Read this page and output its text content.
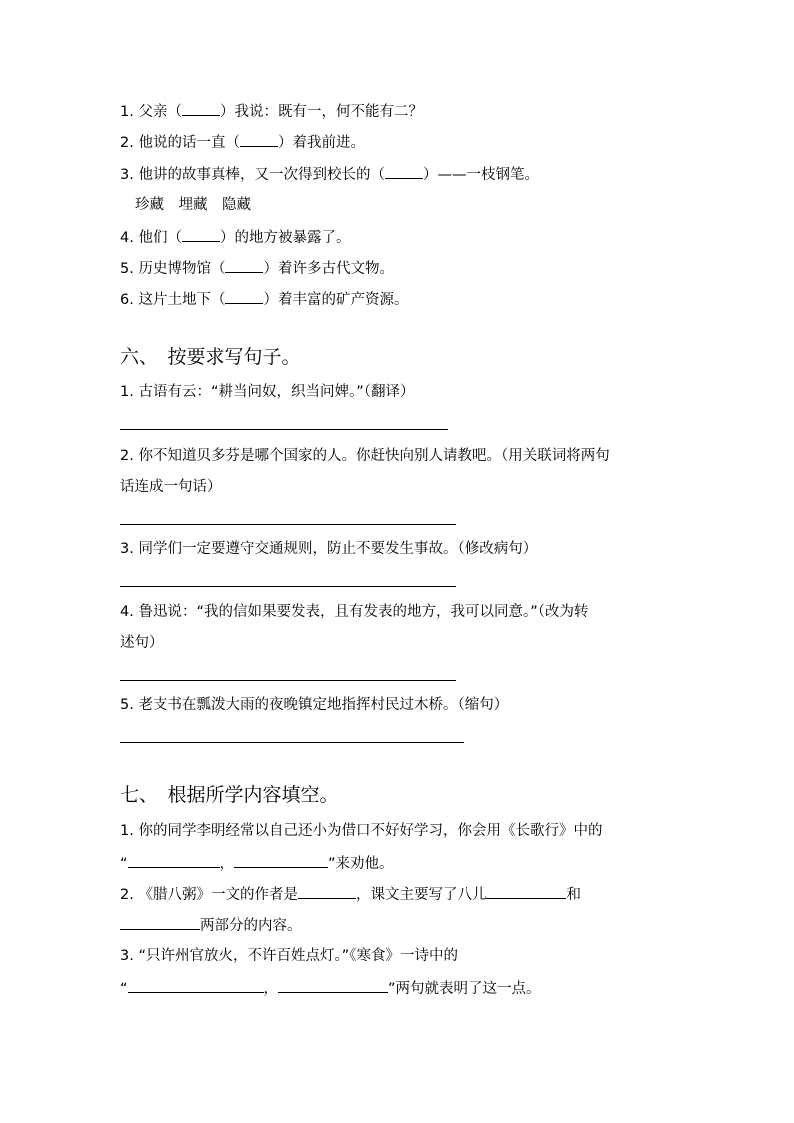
1. 父亲（	）我说：既有一，何不能有二？
2. 他说的话一直（	）着我前进。
3. 他讲的故事真棒，又一次得到校长的（	）——一枝钢笔。
珍藏　埋藏　隐藏
4. 他们（	）的地方被暴露了。
5. 历史博物馆（	）着许多古代文物。
6. 这片土地下（	）着丰富的矿产资源。
六、　按要求写句子。
1. 古语有云：“耕当问奴，织当问婢。”（翻译）
2. 你不知道贝多芬是哪个国家的人。你赶快向别人请教吧。（用关联词将两句
话连成一句话）
3. 同学们一定要遵守交通规则，防止不要发生事故。（修改病句）
4. 鲁迅说：“我的信如果要发表，且有发表的地方，我可以同意。”（改为转
述句）
5. 老支书在瓢泼大雨的夜晚镇定地指挥村民过木桥。（缩句）
七、　根据所学内容填空。
1. 你的同学李明经常以自己还小为借口不好好学习，你会用《长歌行》中的
“	，	”来劝他。
2. 《腊八粥》一文的作者是	，课文主要写了八儿	和
两部分的内容。
3. “只许州官放火，不许百姓点灯。”《寒食》一诗中的
“	，	”两句就表明了这一点。
